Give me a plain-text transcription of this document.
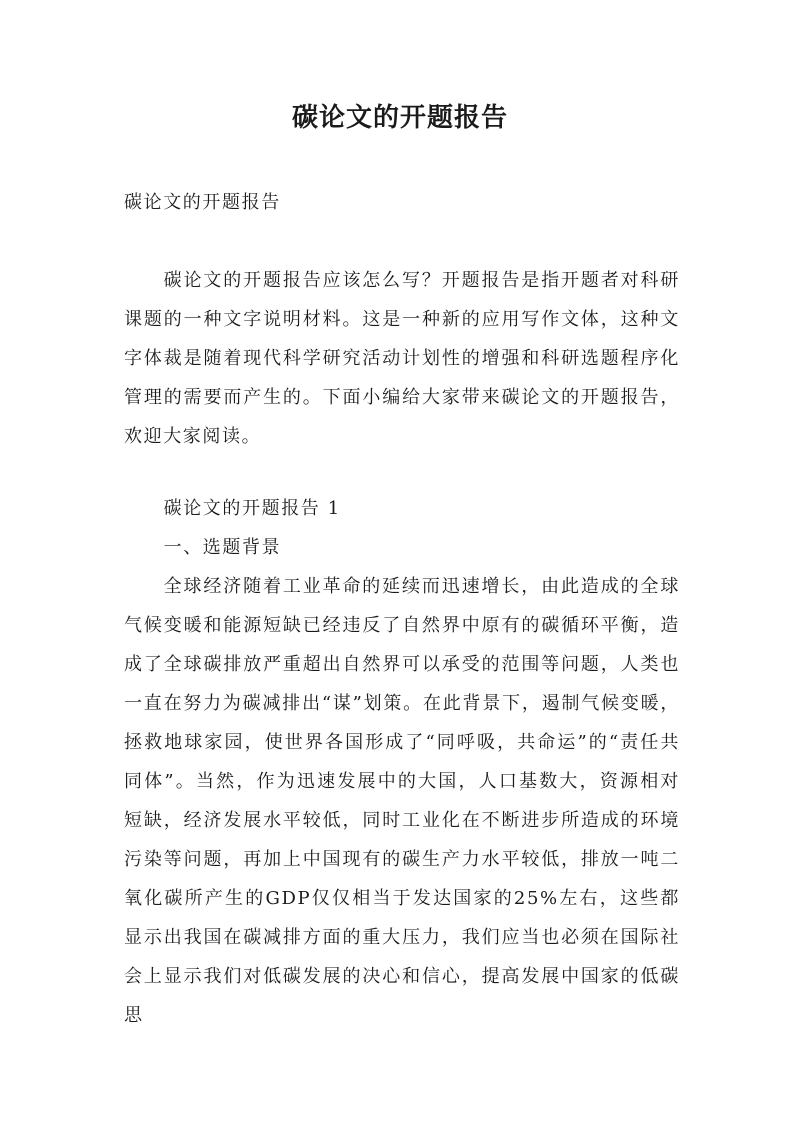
碳论文的开题报告

碳论文的开题报告

碳论文的开题报告应该怎么写？开题报告是指开题者对科研课题的一种文字说明材料。这是一种新的应用写作文体，这种文字体裁是随着现代科学研究活动计划性的增强和科研选题程序化管理的需要而产生的。下面小编给大家带来碳论文的开题报告，欢迎大家阅读。

碳论文的开题报告 1

一、选题背景

全球经济随着工业革命的延续而迅速增长，由此造成的全球气候变暖和能源短缺已经违反了自然界中原有的碳循环平衡，造成了全球碳排放严重超出自然界可以承受的范围等问题，人类也一直在努力为碳减排出“谋”划策。在此背景下，遏制气候变暖，拯救地球家园，使世界各国形成了“同呼吸，共命运”的“责任共同体”。当然，作为迅速发展中的大国，人口基数大，资源相对短缺，经济发展水平较低，同时工业化在不断进步所造成的环境污染等问题，再加上中国现有的碳生产力水平较低，排放一吨二氧化碳所产生的GDP仅仅相当于发达国家的25%左右，这些都显示出我国在碳减排方面的重大压力，我们应当也必须在国际社会上显示我们对低碳发展的决心和信心，提高发展中国家的低碳思
